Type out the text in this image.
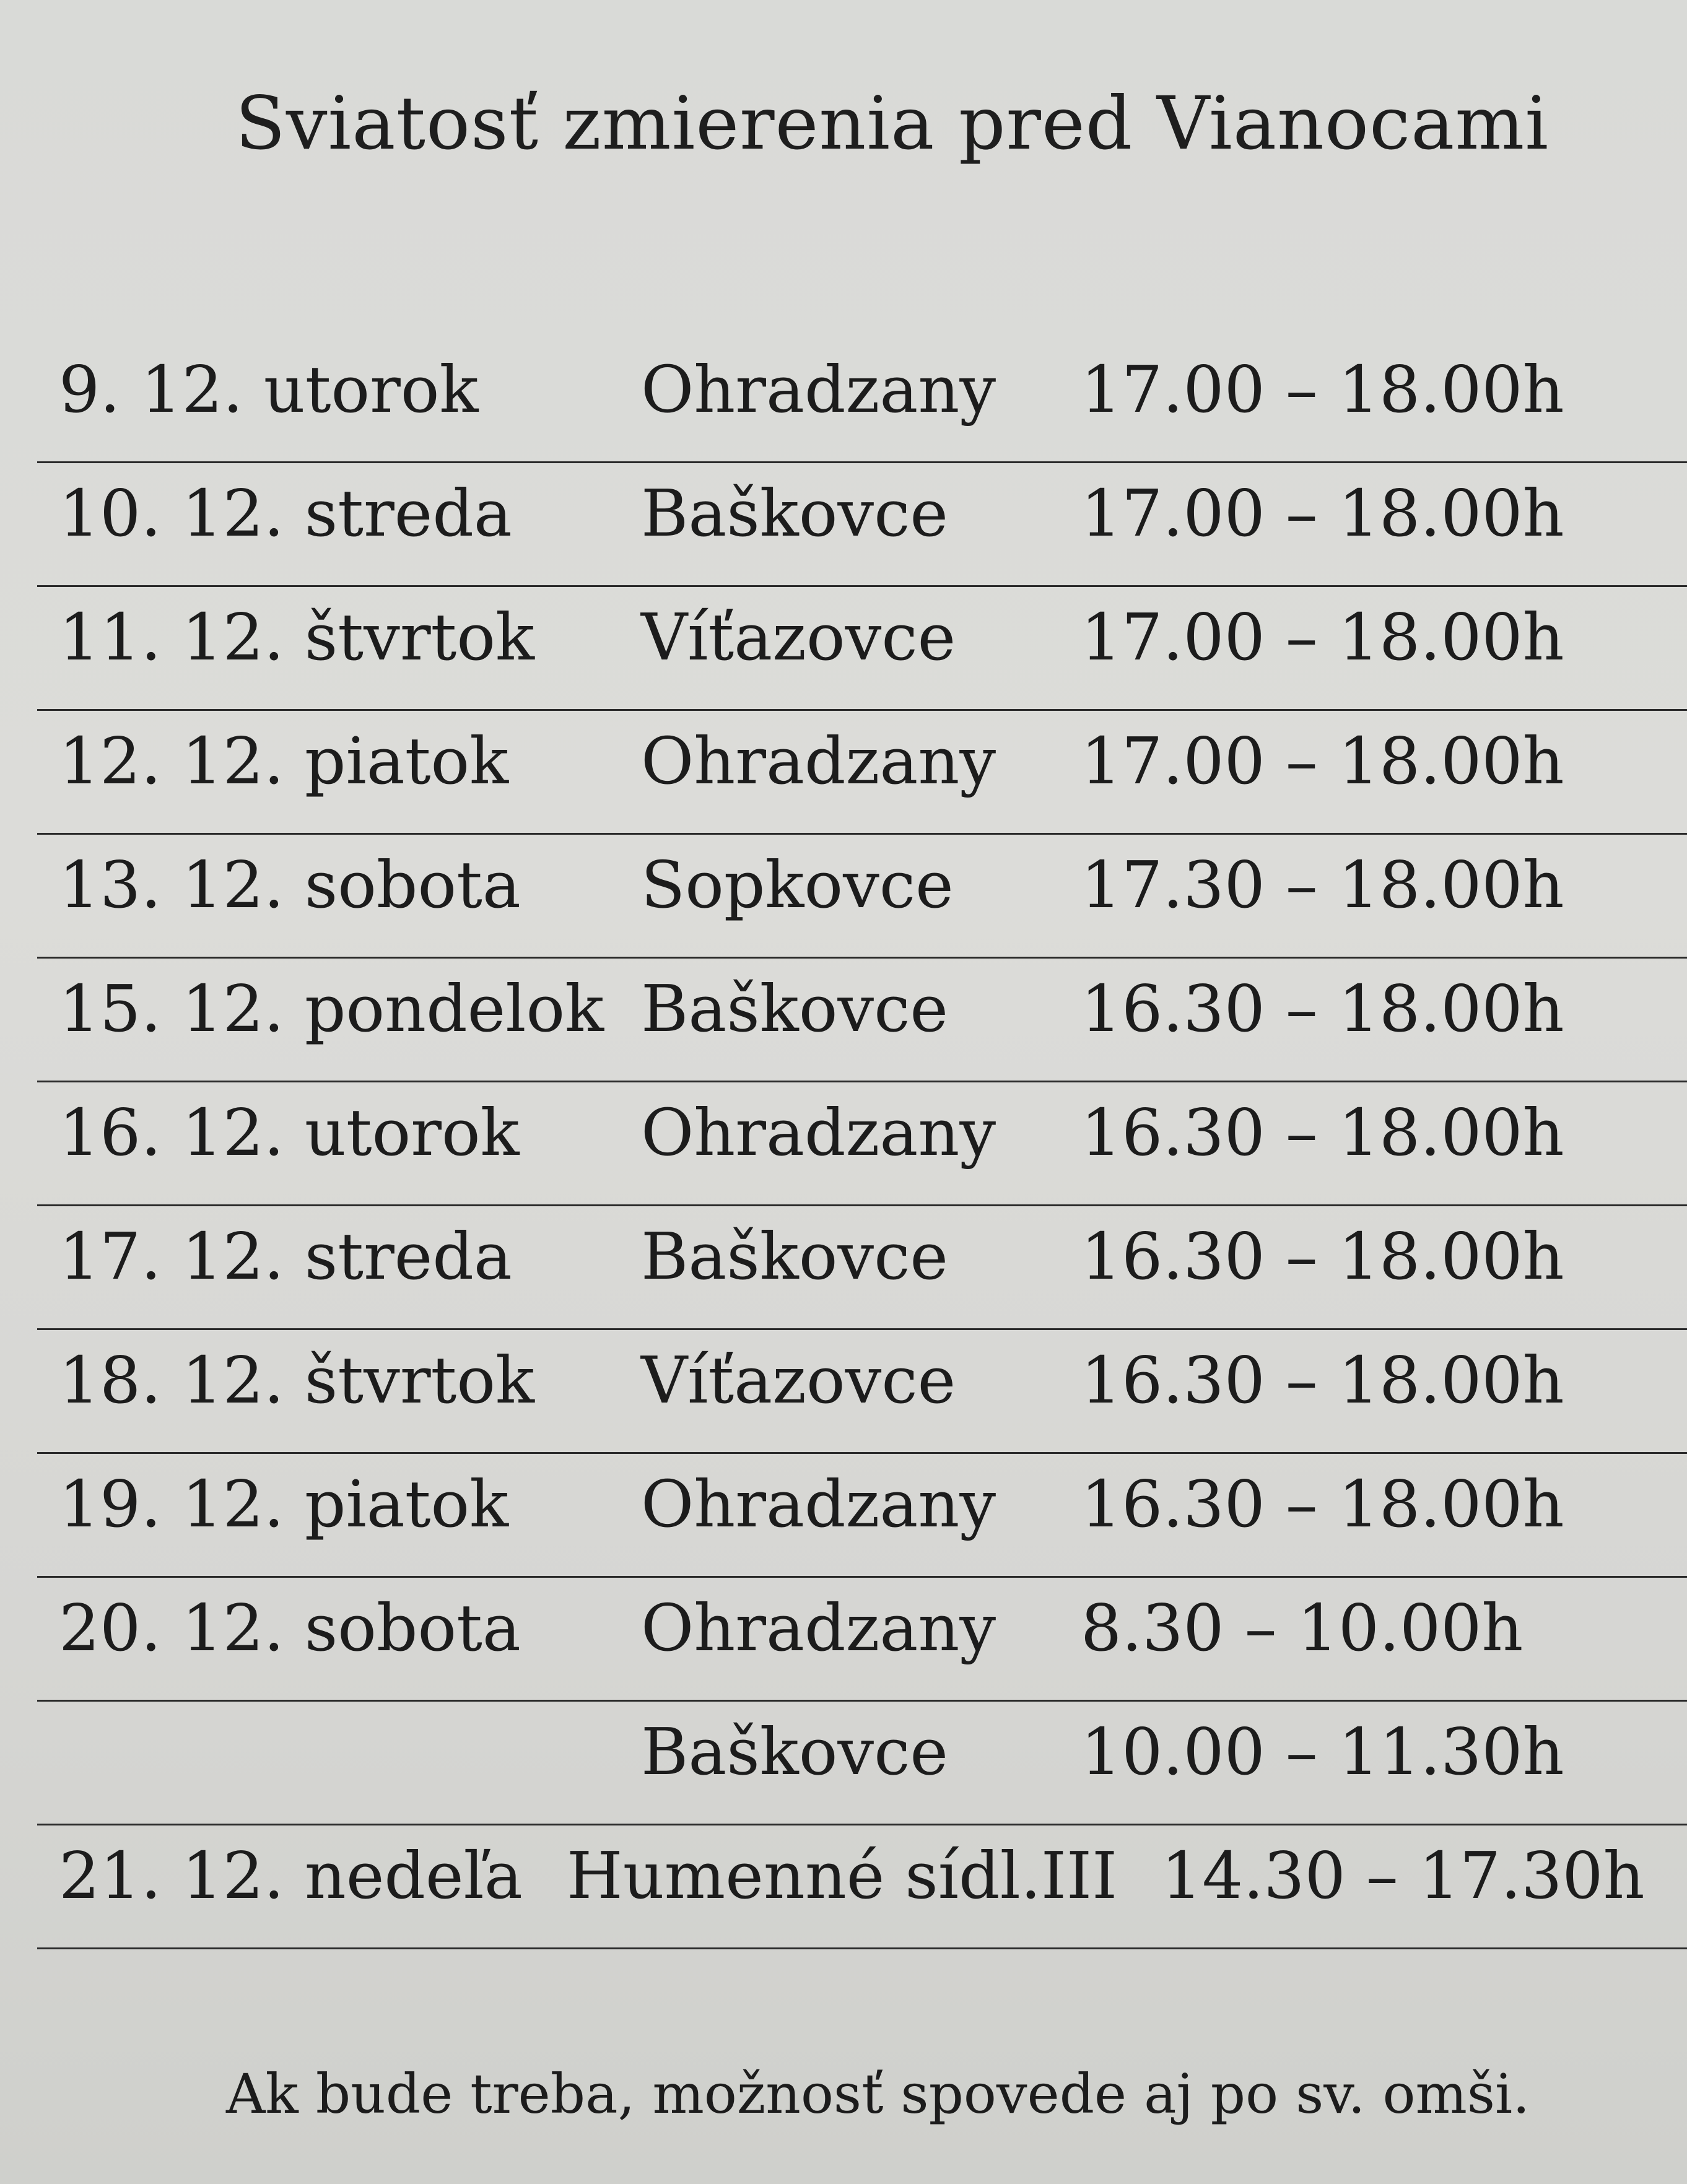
Sviatosť zmierenia pred Vianocami
9. 12. utorok	Ohradzany 17.00 – 18.00h
10. 12. streda Baškovce 17.00 – 18.00h
11. 12. štvrtok Víťazovce 17.00 – 18.00h
12. 12. piatok Ohradzany 17.00 – 18.00h
13. 12. sobota Sopkovce 17.30 – 18.00h
15. 12. pondelok Baškovce 16.30 – 18.00h
16. 12. utorok Ohradzany 16.30 – 18.00h
17. 12. streda Baškovce 16.30 – 18.00h
18. 12. štvrtok Víťazovce 16.30 – 18.00h
19. 12. piatok Ohradzany 16.30 – 18.00h
20. 12. sobota Ohradzany 8.30 – 10.00h
Baškovce 10.00 – 11.30h
21. 12. nedeľa Humenné sídl.III 14.30 – 17.30h
Ak bude treba, možnosť spovede aj po sv. omši.
